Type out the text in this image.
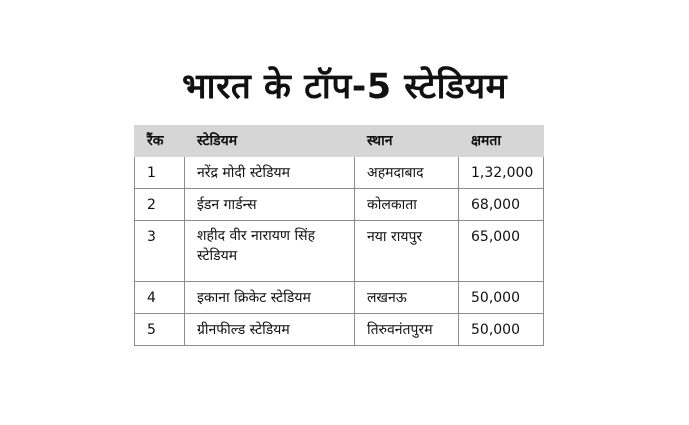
भारत के टॉप-5 स्टेडियम
रैंक	स्टेडियम	स्थान	क्षमता
1	नरेंद्र मोदी स्टेडियम	अहमदाबाद	1,32,000
2	ईडन गार्डन्स	कोलकाता	68,000
3	शहीद वीर नारायण सिंह स्टेडियम	नया रायपुर	65,000
4	इकाना क्रिकेट स्टेडियम	लखनऊ	50,000
5	ग्रीनफील्ड स्टेडियम	तिरुवनंतपुरम	50,000
